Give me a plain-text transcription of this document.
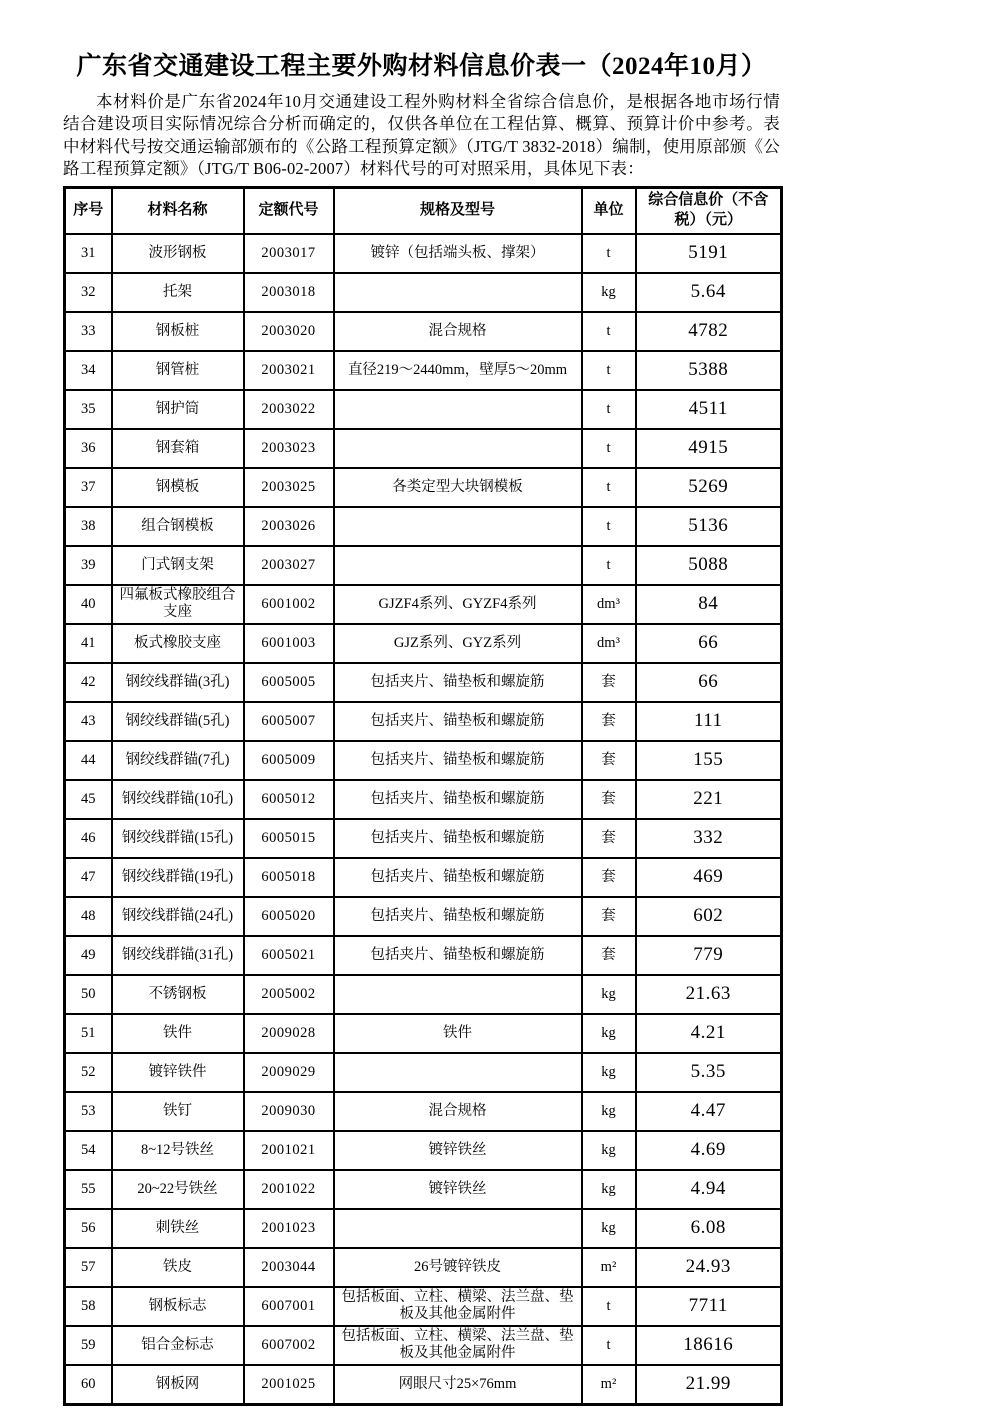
广东省交通建设工程主要外购材料信息价表一（2024年10月）

本材料价是广东省2024年10月交通建设工程外购材料全省综合信息价，是根据各地市场行情结合建设项目实际情况综合分析而确定的，仅供各单位在工程估算、概算、预算计价中参考。表中材料代号按交通运输部颁布的《公路工程预算定额》（JTG/T 3832-2018）编制，使用原部颁《公路工程预算定额》（JTG/T B06-02-2007）材料代号的可对照采用，具体见下表：

序号	材料名称	定额代号	规格及型号	单位	综合信息价（不含税）（元）
31	波形钢板	2003017	镀锌（包括端头板、撑架）	t	5191
32	托架	2003018		kg	5.64
33	钢板桩	2003020	混合规格	t	4782
34	钢管桩	2003021	直径219～2440mm，壁厚5～20mm	t	5388
35	钢护筒	2003022		t	4511
36	钢套箱	2003023		t	4915
37	钢模板	2003025	各类定型大块钢模板	t	5269
38	组合钢模板	2003026		t	5136
39	门式钢支架	2003027		t	5088
40	四氟板式橡胶组合支座	6001002	GJZF4系列、GYZF4系列	dm³	84
41	板式橡胶支座	6001003	GJZ系列、GYZ系列	dm³	66
42	钢绞线群锚(3孔)	6005005	包括夹片、锚垫板和螺旋筋	套	66
43	钢绞线群锚(5孔)	6005007	包括夹片、锚垫板和螺旋筋	套	111
44	钢绞线群锚(7孔)	6005009	包括夹片、锚垫板和螺旋筋	套	155
45	钢绞线群锚(10孔)	6005012	包括夹片、锚垫板和螺旋筋	套	221
46	钢绞线群锚(15孔)	6005015	包括夹片、锚垫板和螺旋筋	套	332
47	钢绞线群锚(19孔)	6005018	包括夹片、锚垫板和螺旋筋	套	469
48	钢绞线群锚(24孔)	6005020	包括夹片、锚垫板和螺旋筋	套	602
49	钢绞线群锚(31孔)	6005021	包括夹片、锚垫板和螺旋筋	套	779
50	不锈钢板	2005002		kg	21.63
51	铁件	2009028	铁件	kg	4.21
52	镀锌铁件	2009029		kg	5.35
53	铁钉	2009030	混合规格	kg	4.47
54	8~12号铁丝	2001021	镀锌铁丝	kg	4.69
55	20~22号铁丝	2001022	镀锌铁丝	kg	4.94
56	刺铁丝	2001023		kg	6.08
57	铁皮	2003044	26号镀锌铁皮	m²	24.93
58	钢板标志	6007001	包括板面、立柱、横梁、法兰盘、垫板及其他金属附件	t	7711
59	铝合金标志	6007002	包括板面、立柱、横梁、法兰盘、垫板及其他金属附件	t	18616
60	钢板网	2001025	网眼尺寸25×76mm	m²	21.99
